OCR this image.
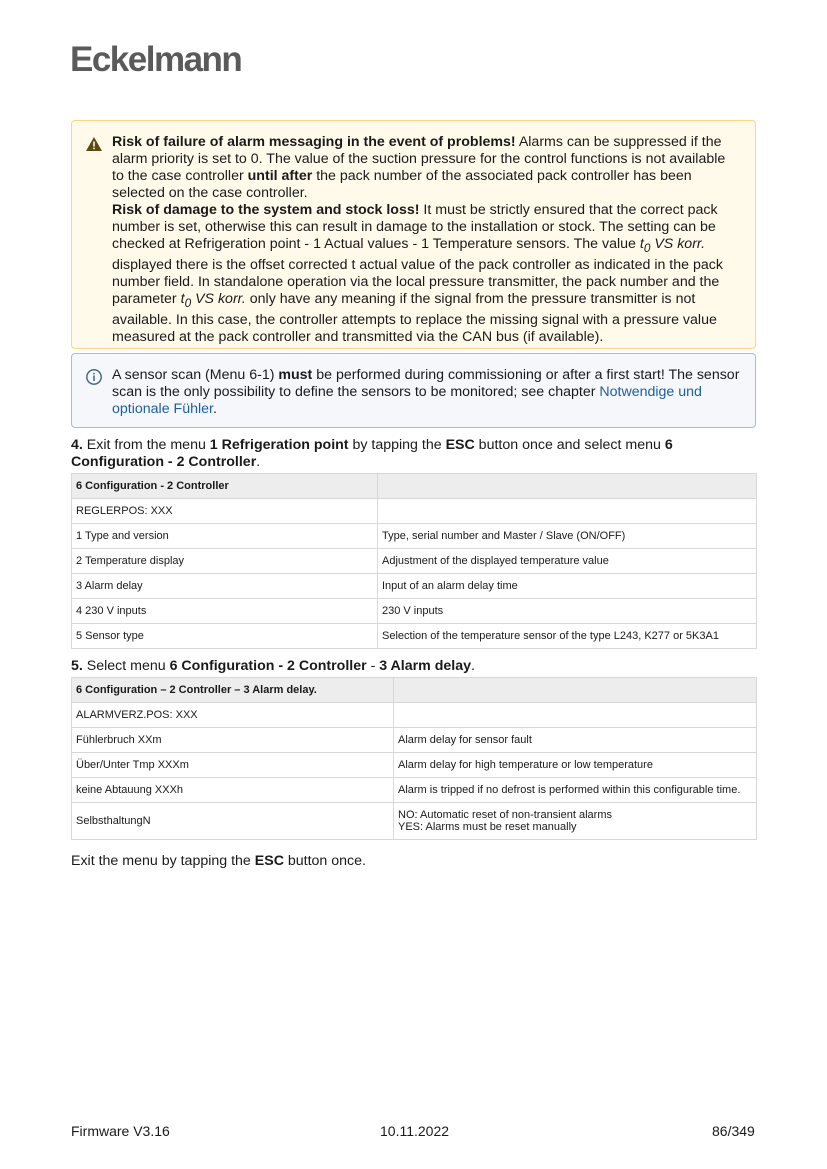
Eckelmann

Risk of failure of alarm messaging in the event of problems! Alarms can be suppressed if the alarm priority is set to 0. The value of the suction pressure for the control functions is not available to the case controller until after the pack number of the associated pack controller has been selected on the case controller.

Risk of damage to the system and stock loss! It must be strictly ensured that the correct pack number is set, otherwise this can result in damage to the installation or stock. The setting can be checked at Refrigeration point - 1 Actual values - 1 Temperature sensors. The value $t_0$ VS korr. displayed there is the offset corrected t actual value of the pack controller as indicated in the pack number field. In standalone operation via the local pressure transmitter, the pack number and the parameter $t_0$ VS korr. only have any meaning if the signal from the pressure transmitter is not available. In this case, the controller attempts to replace the missing signal with a pressure value measured at the pack controller and transmitted via the CAN bus (if available).

A sensor scan (Menu 6-1) must be performed during commissioning or after a first start! The sensor scan is the only possibility to define the sensors to be monitored; see chapter Notwendige und optionale Fühler.

4. Exit from the menu 1 Refrigeration point by tapping the ESC button once and select menu 6 Configuration - 2 Controller.
6 Configuration - 2 Controller	
REGLERPOS: XXX	
1 Type and version	Type, serial number and Master / Slave (ON/OFF)
2 Temperature display	Adjustment of the displayed temperature value
3 Alarm delay	Input of an alarm delay time
4 230 V inputs	230 V inputs
5 Sensor type	Selection of the temperature sensor of the type L243, K277 or 5K3A1
5. Select menu 6 Configuration - 2 Controller - 3 Alarm delay.
6 Configuration – 2 Controller – 3 Alarm delay.	
ALARMVERZ.POS: XXX	
Fühlerbruch XXm	Alarm delay for sensor fault
Über/Unter Tmp XXXm	Alarm delay for high temperature or low temperature
keine Abtauung XXXh	Alarm is tripped if no defrost is performed within this configurable time.
SelbsthaltungN	NO: Automatic reset of non-transient alarms
YES: Alarms must be reset manually
Exit the menu by tapping the ESC button once.
Firmware V3.16	10.11.2022	86/349
